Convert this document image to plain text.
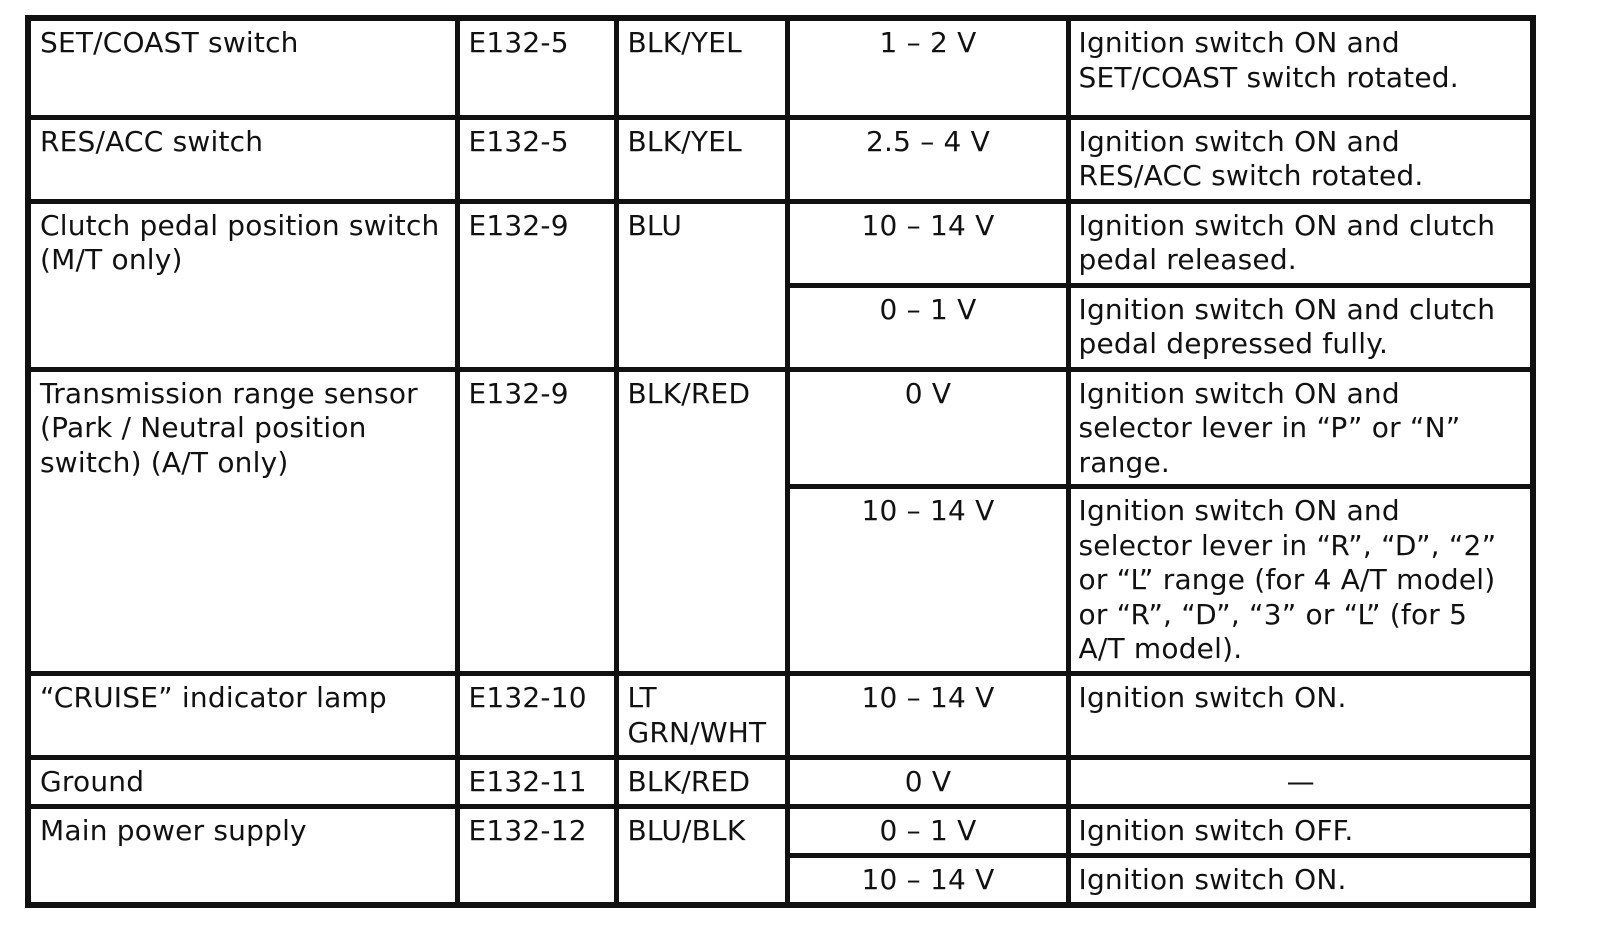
SET/COAST switch	E132-5	BLK/YEL	1 – 2 V	Ignition switch ON and SET/COAST switch rotated.
RES/ACC switch	E132-5	BLK/YEL	2.5 – 4 V	Ignition switch ON and RES/ACC switch rotated.
Clutch pedal position switch (M/T only)	E132-9	BLU	10 – 14 V	Ignition switch ON and clutch pedal released.
			0 – 1 V	Ignition switch ON and clutch pedal depressed fully.
Transmission range sensor (Park / Neutral position switch) (A/T only)	E132-9	BLK/RED	0 V	Ignition switch ON and selector lever in “P” or “N” range.
			10 – 14 V	Ignition switch ON and selector lever in “R”, “D”, “2” or “L” range (for 4 A/T model) or “R”, “D”, “3” or “L” (for 5 A/T model).
“CRUISE” indicator lamp	E132-10	LT GRN/WHT	10 – 14 V	Ignition switch ON.
Ground	E132-11	BLK/RED	0 V	—
Main power supply	E132-12	BLU/BLK	0 – 1 V	Ignition switch OFF.
			10 – 14 V	Ignition switch ON.
